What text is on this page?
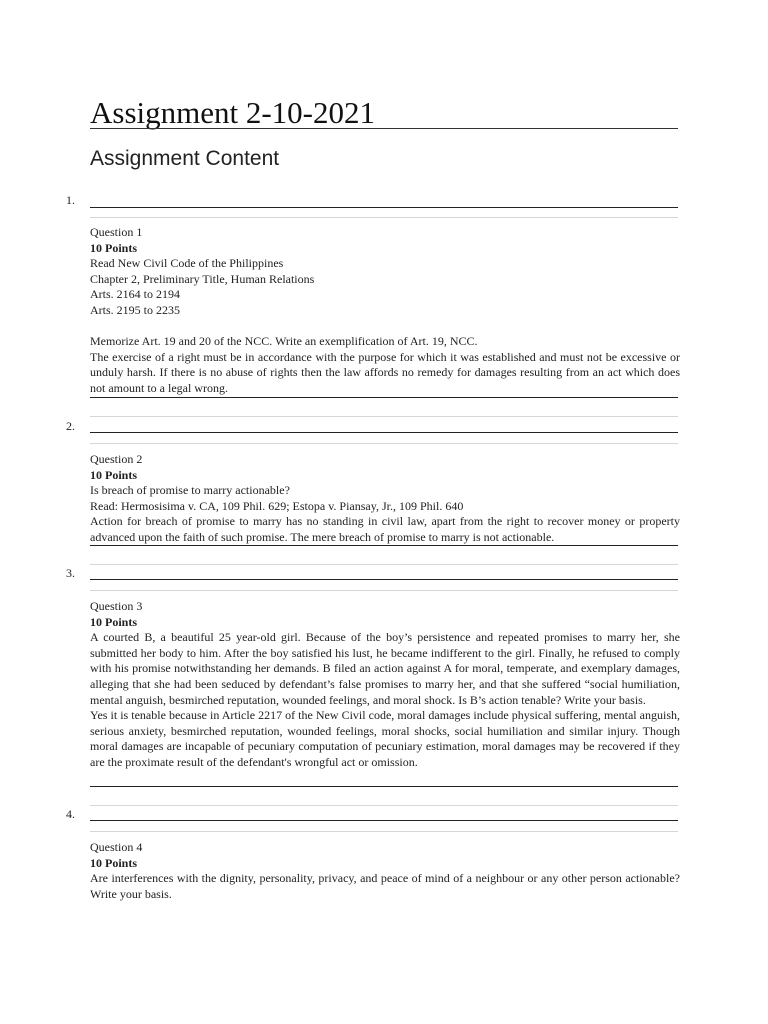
Assignment 2-10-2021
Assignment Content
1.
Question 1
10 Points
Read New Civil Code of the Philippines
Chapter 2, Preliminary Title, Human Relations
Arts. 2164 to 2194
Arts. 2195 to 2235
Memorize Art. 19 and 20 of the NCC. Write an exemplification of Art. 19, NCC.
The exercise of a right must be in accordance with the purpose for which it was established and must not be excessive or unduly harsh. If there is no abuse of rights then the law affords no remedy for damages resulting from an act which does not amount to a legal wrong.
2.
Question 2
10 Points
Is breach of promise to marry actionable?
Read: Hermosisima v. CA, 109 Phil. 629; Estopa v. Piansay, Jr., 109 Phil. 640
Action for breach of promise to marry has no standing in civil law, apart from the right to recover money or property advanced upon the faith of such promise. The mere breach of promise to marry is not actionable.
3.
Question 3
10 Points
A courted B, a beautiful 25 year-old girl. Because of the boy’s persistence and repeated promises to marry her, she submitted her body to him. After the boy satisfied his lust, he became indifferent to the girl. Finally, he refused to comply with his promise notwithstanding her demands. B filed an action against A for moral, temperate, and exemplary damages, alleging that she had been seduced by defendant’s false promises to marry her, and that she suffered “social humiliation, mental anguish, besmirched reputation, wounded feelings, and moral shock. Is B’s action tenable? Write your basis.
Yes it is tenable because in Article 2217 of the New Civil code, moral damages include physical suffering, mental anguish, serious anxiety, besmirched reputation, wounded feelings, moral shocks, social humiliation and similar injury. Though moral damages are incapable of pecuniary computation of pecuniary estimation, moral damages may be recovered if they are the proximate result of the defendant's wrongful act or omission.
4.
Question 4
10 Points
Are interferences with the dignity, personality, privacy, and peace of mind of a neighbour or any other person actionable? Write your basis.
